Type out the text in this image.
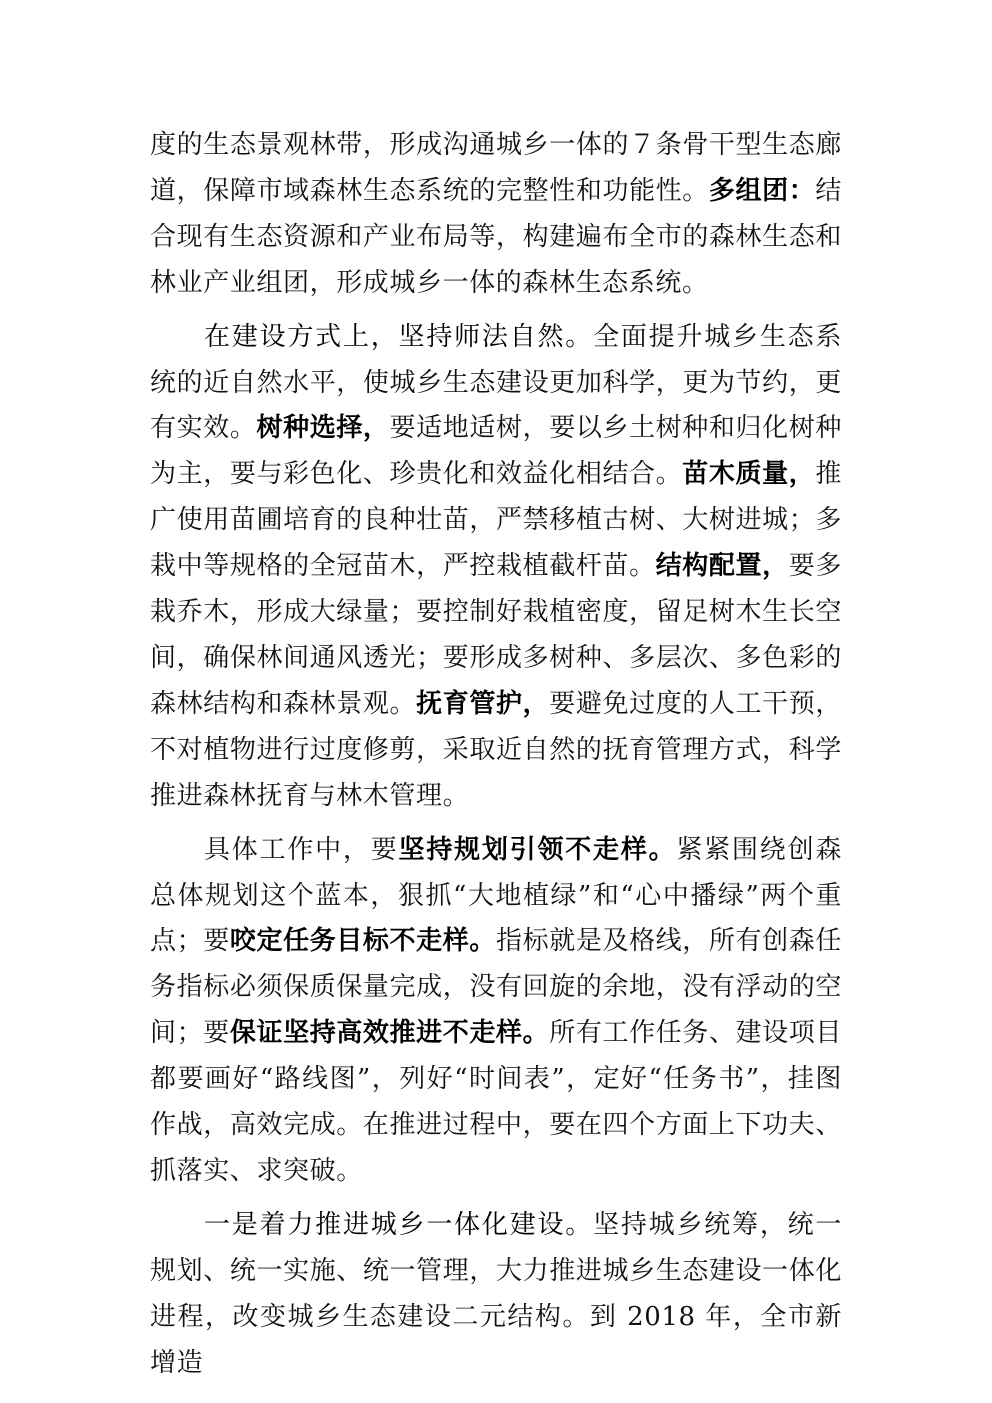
度的生态景观林带，形成沟通城乡一体的７条骨干型生态廊道，保障市域森林生态系统的完整性和功能性。多组团：结合现有生态资源和产业布局等，构建遍布全市的森林生态和林业产业组团，形成城乡一体的森林生态系统。

在建设方式上，坚持师法自然。全面提升城乡生态系统的近自然水平，使城乡生态建设更加科学，更为节约，更有实效。树种选择，要适地适树，要以乡土树种和归化树种为主，要与彩色化、珍贵化和效益化相结合。苗木质量，推广使用苗圃培育的良种壮苗，严禁移植古树、大树进城；多栽中等规格的全冠苗木，严控栽植截杆苗。结构配置，要多栽乔木，形成大绿量；要控制好栽植密度，留足树木生长空间，确保林间通风透光；要形成多树种、多层次、多色彩的森林结构和森林景观。抚育管护，要避免过度的人工干预，不对植物进行过度修剪，采取近自然的抚育管理方式，科学推进森林抚育与林木管理。

具体工作中，要坚持规划引领不走样。紧紧围绕创森总体规划这个蓝本，狠抓“大地植绿”和“心中播绿”两个重点；要咬定任务目标不走样。指标就是及格线，所有创森任务指标必须保质保量完成，没有回旋的余地，没有浮动的空间；要保证坚持高效推进不走样。所有工作任务、建设项目都要画好“路线图”，列好“时间表”，定好“任务书”，挂图作战，高效完成。在推进过程中，要在四个方面上下功夫、抓落实、求突破。

一是着力推进城乡一体化建设。坚持城乡统筹，统一规划、统一实施、统一管理，大力推进城乡生态建设一体化进程，改变城乡生态建设二元结构。到 2018 年，全市新增造
